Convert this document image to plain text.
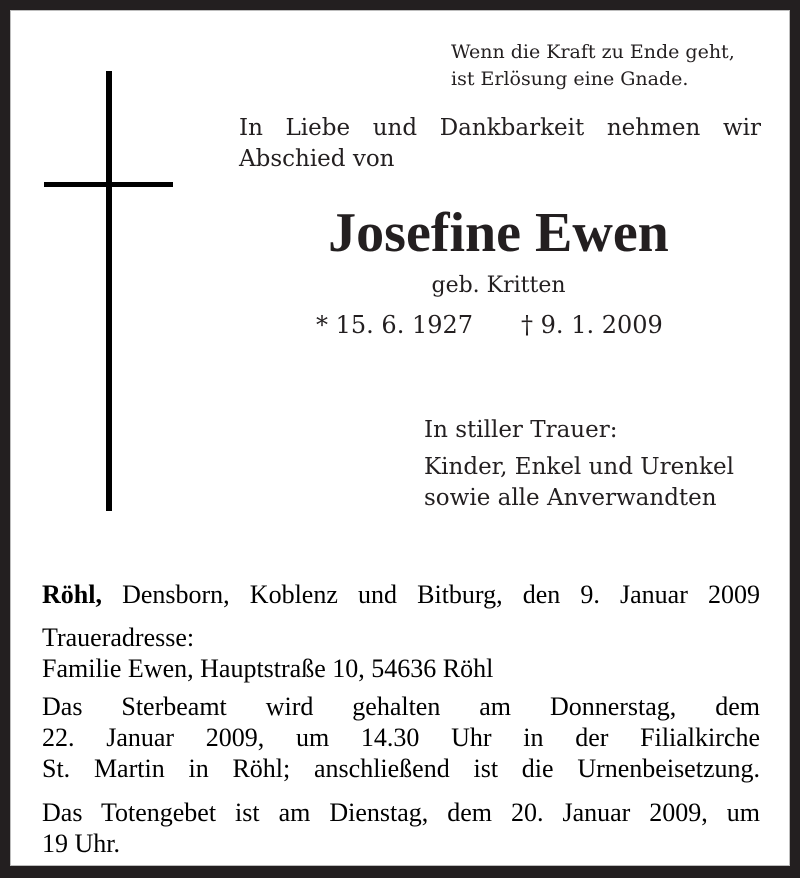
Wenn die Kraft zu Ende geht,
ist Erlösung eine Gnade.
In Liebe und Dankbarkeit nehmen wir
Abschied von
Josefine Ewen
geb. Kritten
* 15. 6. 1927 † 9. 1. 2009
In stiller Trauer:
Kinder, Enkel und Urenkel
sowie alle Anverwandten
Röhl, Densborn, Koblenz und Bitburg, den 9. Januar 2009
Traueradresse:
Familie Ewen, Hauptstraße 10, 54636 Röhl
Das Sterbeamt wird gehalten am Donnerstag, dem
22. Januar 2009, um 14.30 Uhr in der Filialkirche
St. Martin in Röhl; anschließend ist die Urnenbeisetzung.
Das Totengebet ist am Dienstag, dem 20. Januar 2009, um
19 Uhr.
